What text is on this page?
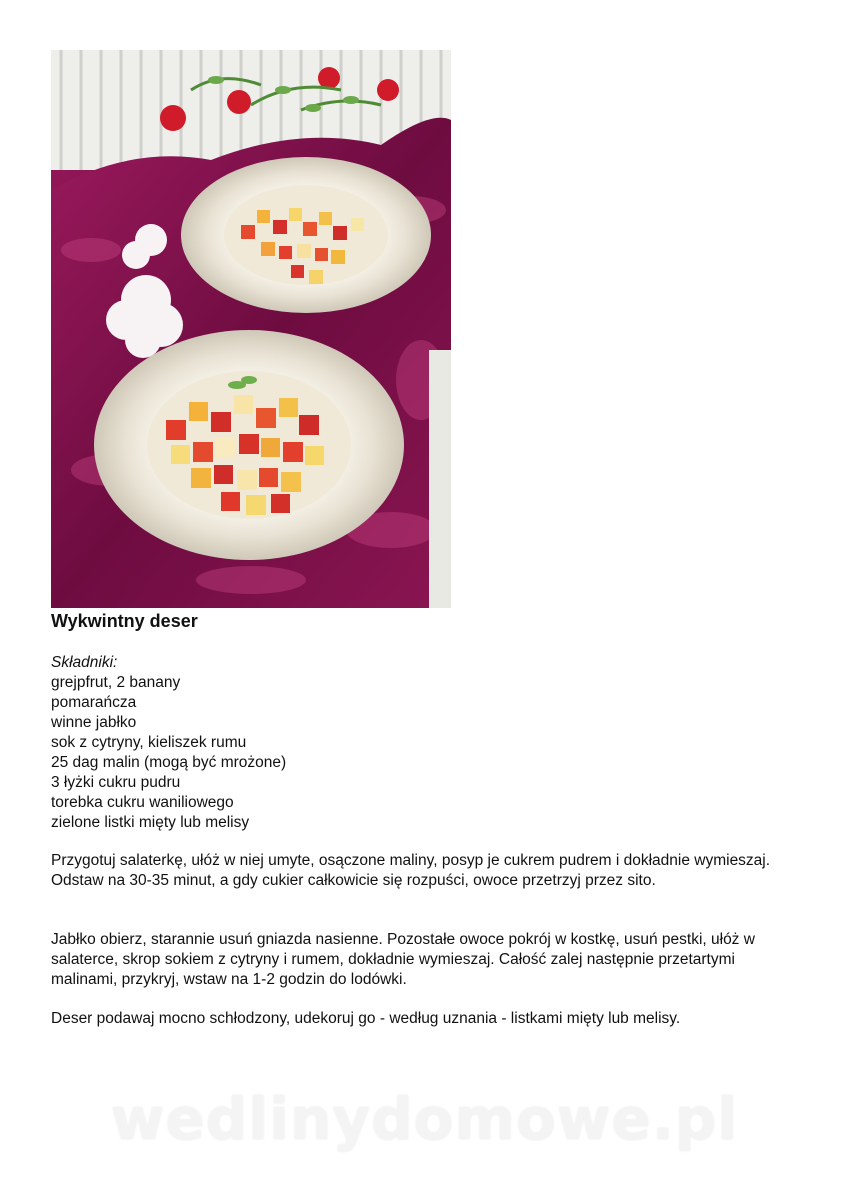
Wykwintny deser
Składniki:
grejpfrut, 2 banany
pomarańcza
winne jabłko
sok z cytryny, kieliszek rumu
25 dag malin (mogą być mrożone)
3 łyżki cukru pudru
torebka cukru waniliowego
zielone listki mięty lub melisy

Przygotuj salaterkę, ułóż w niej umyte, osączone maliny, posyp je cukrem pudrem i dokładnie wymieszaj. Odstaw na 30-35 minut, a gdy cukier całkowicie się rozpuści, owoce przetrzyj przez sito.

Jabłko obierz, starannie usuń gniazda nasienne. Pozostałe owoce pokrój w kostkę, usuń pestki, ułóż w salaterce, skrop sokiem z cytryny i rumem, dokładnie wymieszaj. Całość zalej następnie przetartymi malinami, przykryj, wstaw na 1-2 godzin do lodówki.

Deser podawaj mocno schłodzony, udekoruj go - według uznania - listkami mięty lub melisy.

wedlinydomowe.pl
